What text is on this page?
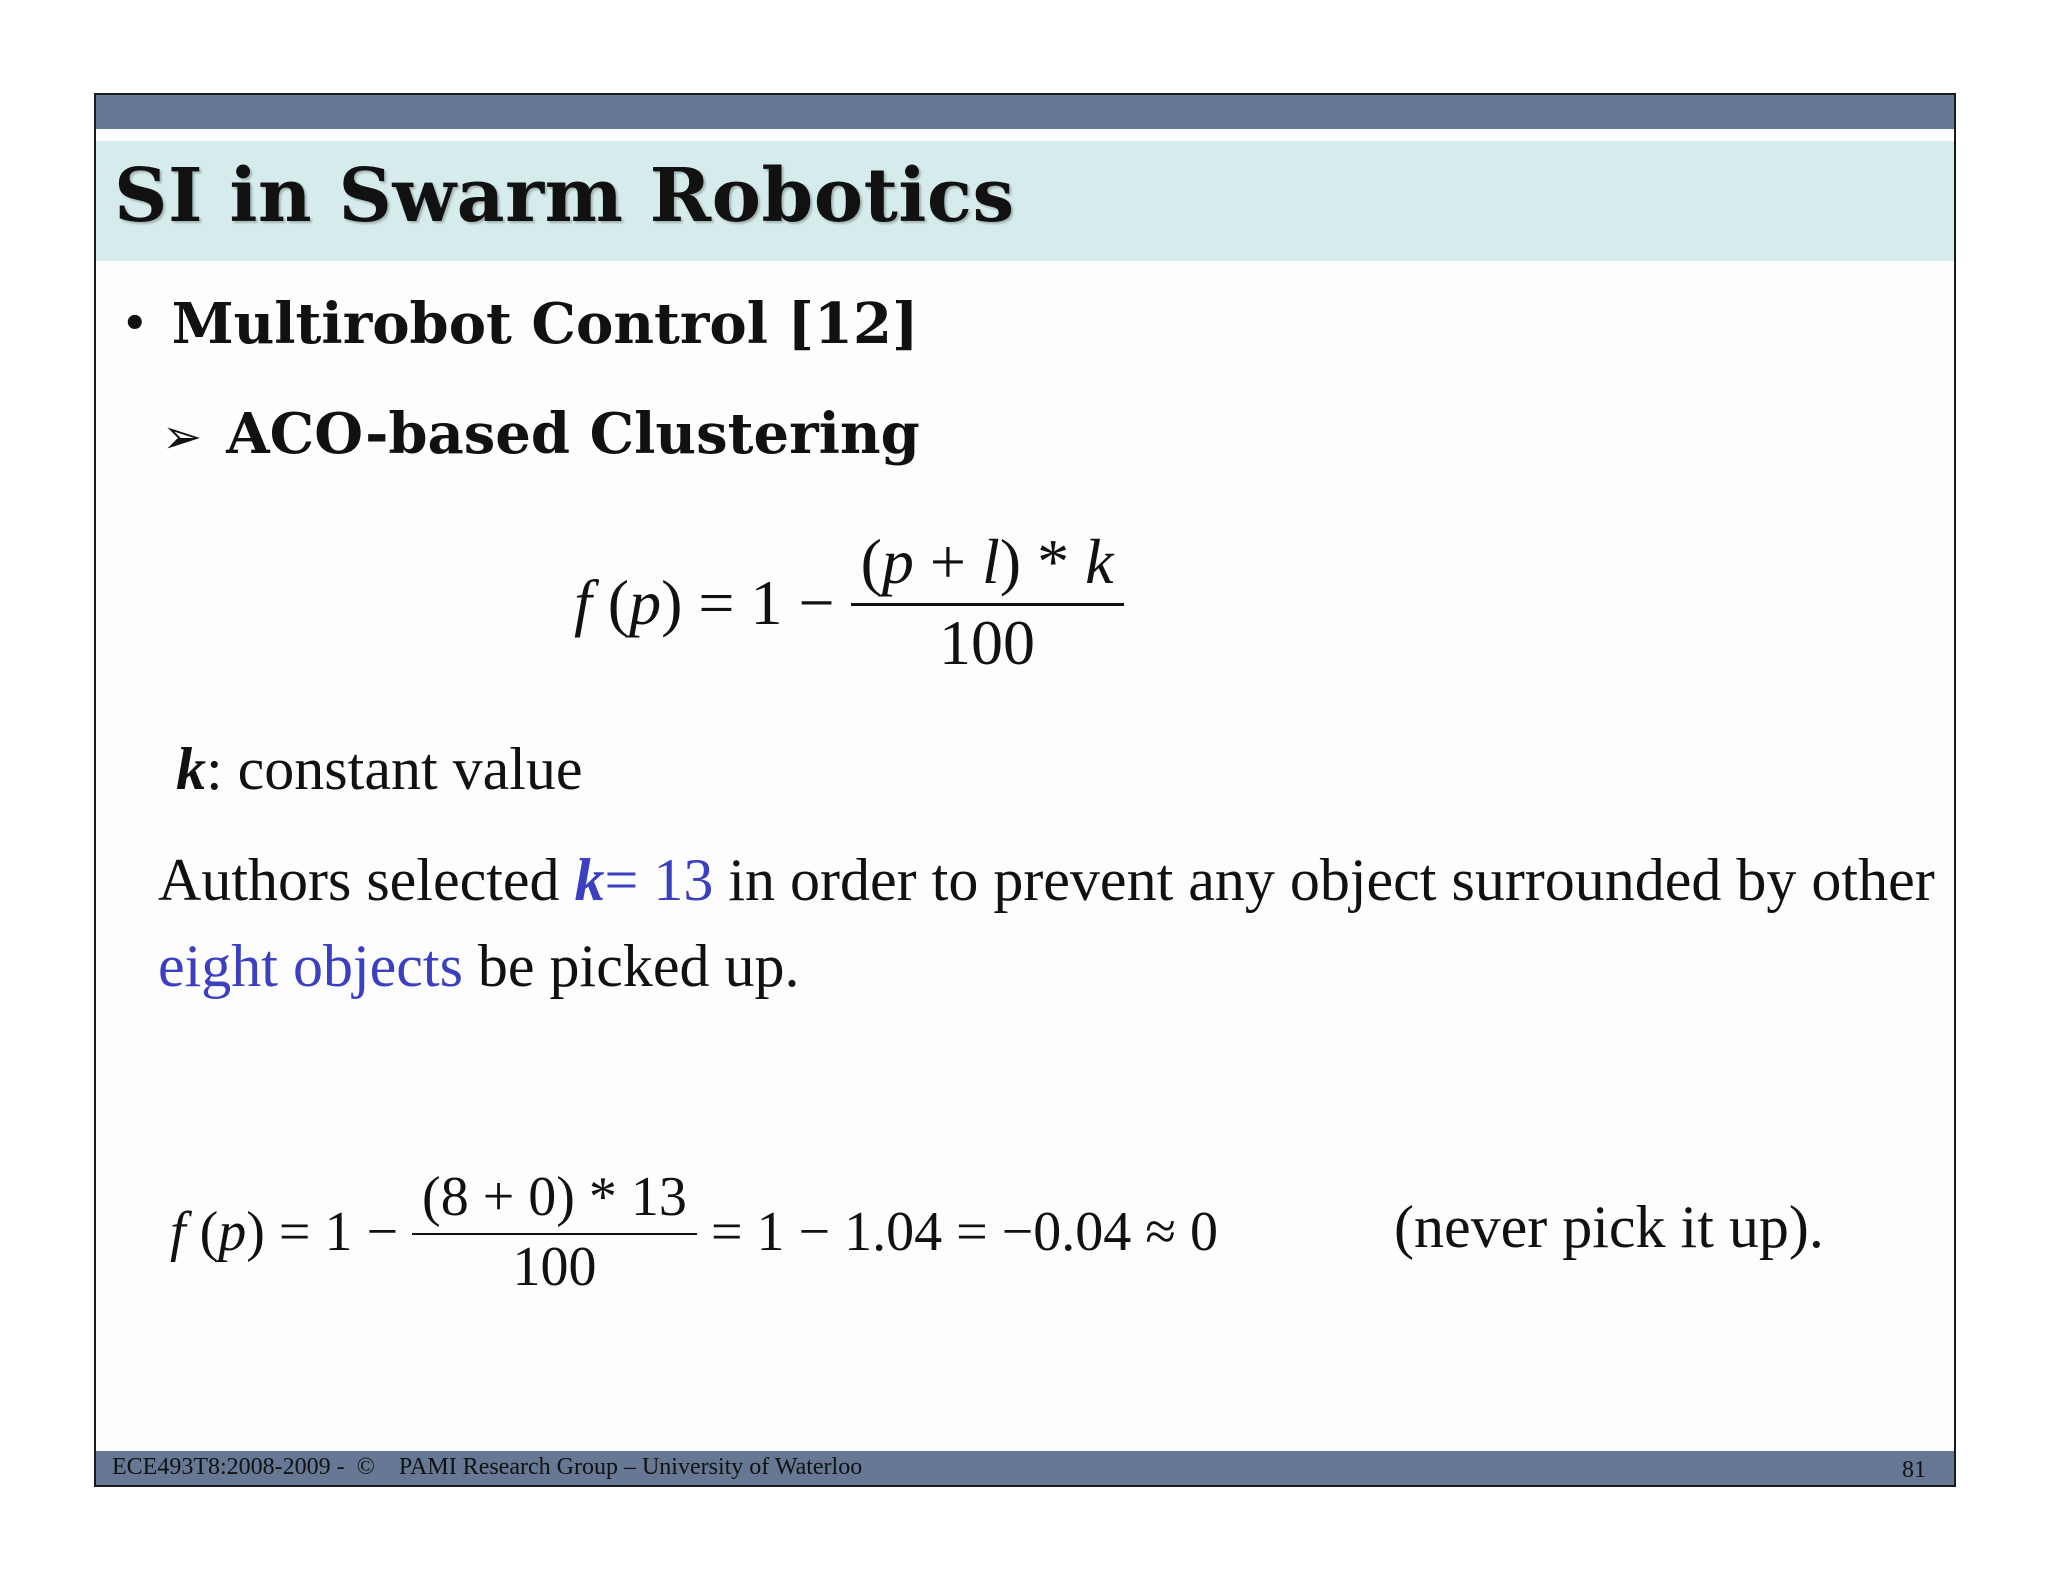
SI in Swarm Robotics
• Multirobot Control [12]
➢ ACO-based Clustering
f $(p) = 1 - \frac{(p + l) * k}{100}$
k: constant value
Authors selected k= 13 in order to prevent any object surrounded by other eight objects be picked up.
f $(p) = 1 - \frac{(8 + 0) * 13}{100} = 1 - 1.04 = -0.04 \approx 0$	(never pick it up).
ECE493T8:2008-2009 -  ©    PAMI Research Group – University of Waterloo	81
